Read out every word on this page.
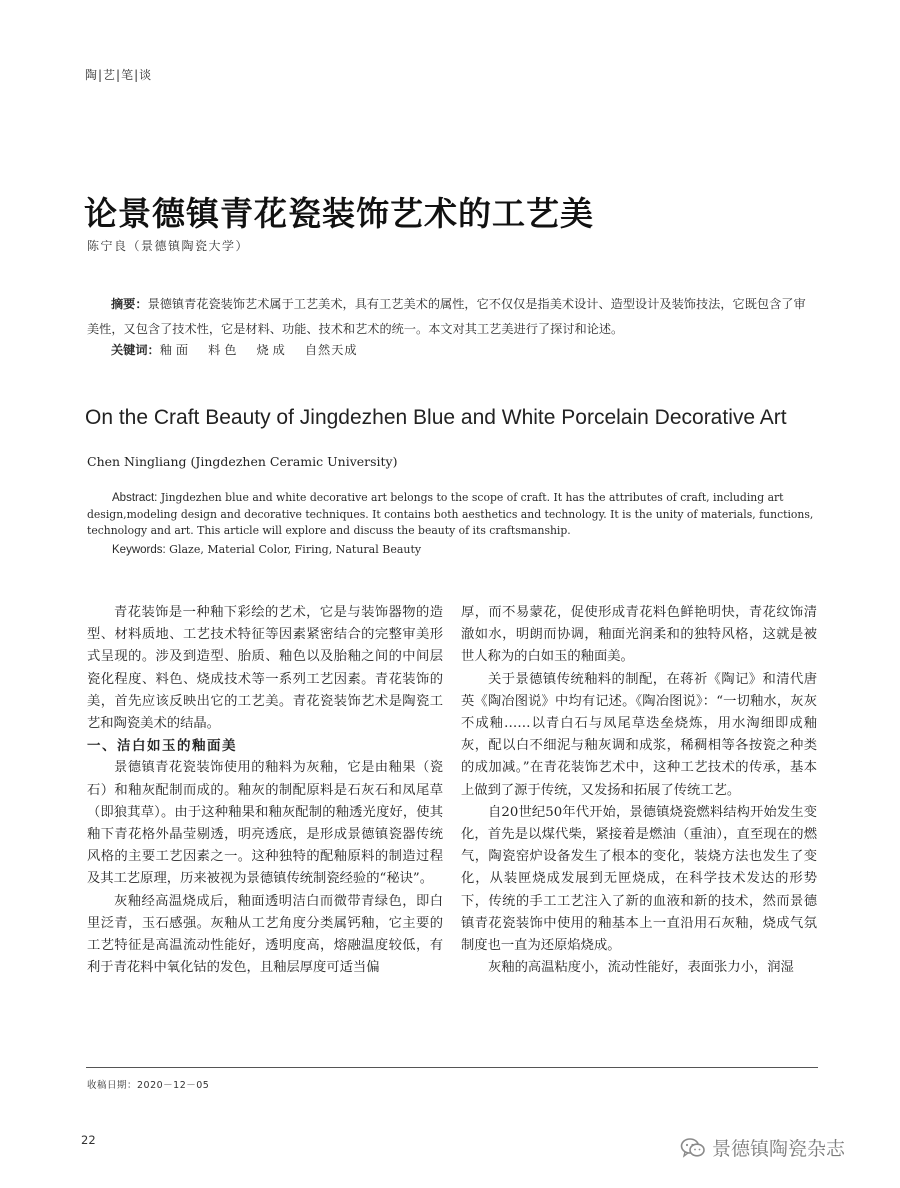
陶|艺|笔|谈
论景德镇青花瓷装饰艺术的工艺美
陈宁良（景德镇陶瓷大学）

摘要：景德镇青花瓷装饰艺术属于工艺美术，具有工艺美术的属性，它不仅仅是指美术设计、造型设计及装饰技法，它既包含了审美性，又包含了技术性，它是材料、功能、技术和艺术的统一。本文对其工艺美进行了探讨和论述。

关键词：釉面 料色 烧成 自然天成
On the Craft Beauty of Jingdezhen Blue and White Porcelain Decorative Art
Chen Ningliang (Jingdezhen Ceramic University)

Abstract: Jingdezhen blue and white decorative art belongs to the scope of craft. It has the attributes of craft, including art design,modeling design and decorative techniques. It contains both aesthetics and technology. It is the unity of materials, functions, technology and art. This article will explore and discuss the beauty of its craftsmanship.

Keywords: Glaze, Material Color, Firing, Natural Beauty

青花装饰是一种釉下彩绘的艺术，它是与装饰器物的造型、材料质地、工艺技术特征等因素紧密结合的完整审美形式呈现的。涉及到造型、胎质、釉色以及胎釉之间的中间层瓷化程度、料色、烧成技术等一系列工艺因素。青花装饰的美，首先应该反映出它的工艺美。青花瓷装饰艺术是陶瓷工艺和陶瓷美术的结晶。

一、洁白如玉的釉面美

景德镇青花瓷装饰使用的釉料为灰釉，它是由釉果（瓷石）和釉灰配制而成的。釉灰的制配原料是石灰石和凤尾草（即狼萁草）。由于这种釉果和釉灰配制的釉透光度好，使其釉下青花格外晶莹剔透，明亮透底，是形成景德镇瓷器传统风格的主要工艺因素之一。这种独特的配釉原料的制造过程及其工艺原理，历来被视为景德镇传统制瓷经验的“秘诀”。

灰釉经高温烧成后，釉面透明洁白而微带青绿色，即白里泛青，玉石感强。灰釉从工艺角度分类属钙釉，它主要的工艺特征是高温流动性能好，透明度高，熔融温度较低，有利于青花料中氧化钴的发色，且釉层厚度可适当偏

厚，而不易蒙花，促使形成青花料色鲜艳明快，青花纹饰清澈如水，明朗而协调，釉面光润柔和的独特风格，这就是被世人称为的白如玉的釉面美。

关于景德镇传统釉料的制配，在蒋祈《陶记》和清代唐英《陶冶图说》中均有记述。《陶冶图说》：“一切釉水，灰灰不成釉……以青白石与凤尾草迭垒烧炼，用水淘细即成釉灰，配以白不细泥与釉灰调和成浆，稀稠相等各按瓷之种类的成加减。”在青花装饰艺术中，这种工艺技术的传承，基本上做到了源于传统，又发扬和拓展了传统工艺。

自20世纪50年代开始，景德镇烧瓷燃料结构开始发生变化，首先是以煤代柴，紧接着是燃油（重油），直至现在的燃气，陶瓷窑炉设备发生了根本的变化，装烧方法也发生了变化，从装匣烧成发展到无匣烧成，在科学技术发达的形势下，传统的手工工艺注入了新的血液和新的技术，然而景德镇青花瓷装饰中使用的釉基本上一直沿用石灰釉，烧成气氛制度也一直为还原焰烧成。

灰釉的高温粘度小，流动性能好，表面张力小，润湿

收稿日期：2020－12－05
22	景德镇陶瓷杂志
